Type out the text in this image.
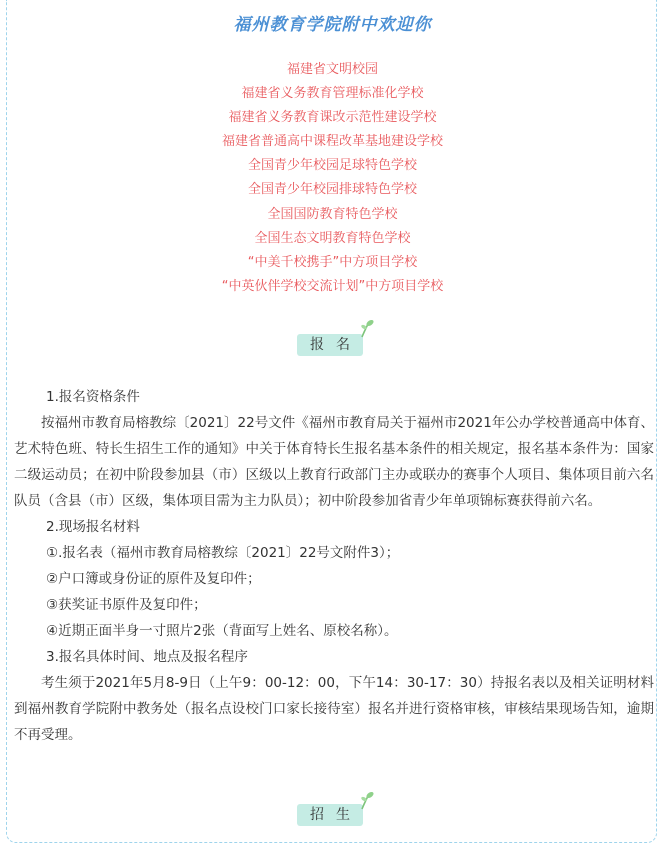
福州教育学院附中欢迎你
福建省文明校园
福建省义务教育管理标准化学校
福建省义务教育课改示范性建设学校
福建省普通高中课程改革基地建设学校
全国青少年校园足球特色学校
全国青少年校园排球特色学校
全国国防教育特色学校
全国生态文明教育特色学校
“中美千校携手”中方项目学校
“中英伙伴学校交流计划”中方项目学校
报名

1.报名资格条件

按福州市教育局榕教综〔2021〕22号文件《福州市教育局关于福州市2021年公办学校普通高中体育、艺术特色班、特长生招生工作的通知》中关于体育特长生报名基本条件的相关规定，报名基本条件为：国家二级运动员；在初中阶段参加县（市）区级以上教育行政部门主办或联办的赛事个人项目、集体项目前六名队员（含县（市）区级，集体项目需为主力队员）；初中阶段参加省青少年单项锦标赛获得前六名。

2.现场报名材料

①.报名表（福州市教育局榕教综〔2021〕22号文附件3）；

②户口簿或身份证的原件及复印件；

③获奖证书原件及复印件；

④近期正面半身一寸照片2张（背面写上姓名、原校名称）。

3.报名具体时间、地点及报名程序

考生须于2021年5月8-9日（上午9：00-12：00，下午14：30-17：30）持报名表以及相关证明材料到福州教育学院附中教务处（报名点设校门口家长接待室）报名并进行资格审核，审核结果现场告知，逾期不再受理。

招生
